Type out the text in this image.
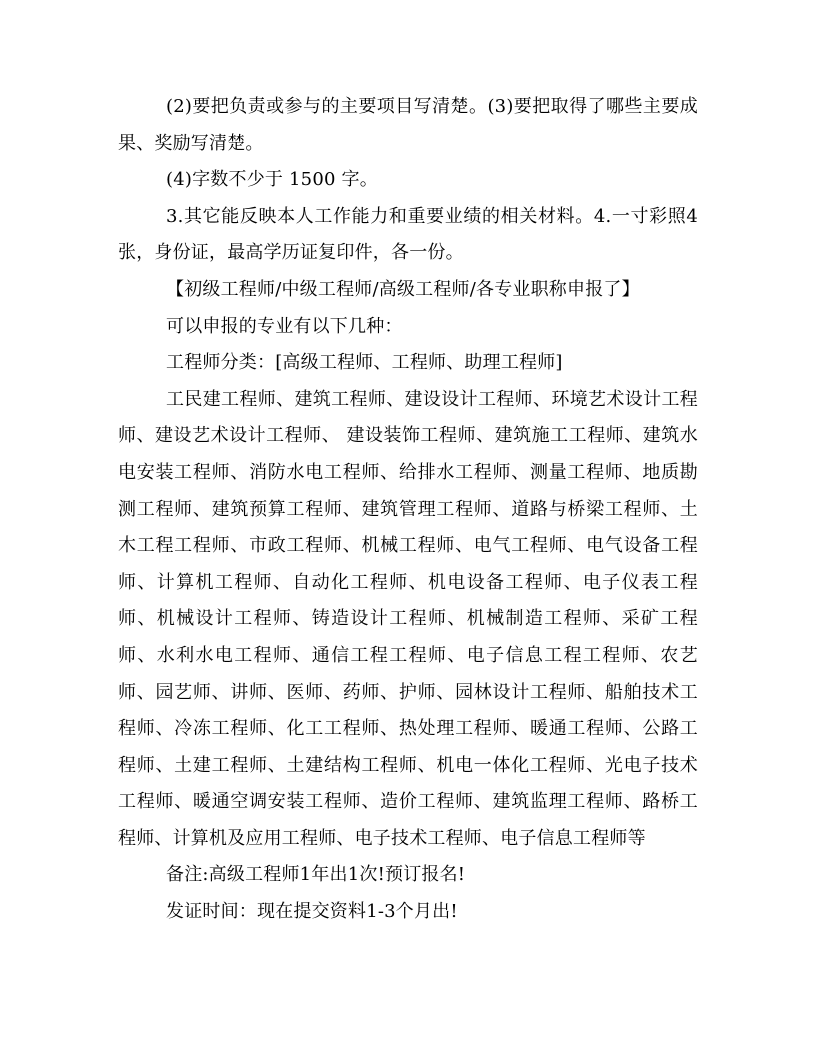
(2)要把负责或参与的主要项目写清楚。(3)要把取得了哪些主要成果、奖励写清楚。

(4)字数不少于 1500 字。

3.其它能反映本人工作能力和重要业绩的相关材料。4.一寸彩照4张，身份证，最高学历证复印件，各一份。

【初级工程师/中级工程师/高级工程师/各专业职称申报了】

可以申报的专业有以下几种：

工程师分类：[高级工程师、工程师、助理工程师]

工民建工程师、建筑工程师、建设设计工程师、环境艺术设计工程师、建设艺术设计工程师、 建设装饰工程师、建筑施工工程师、建筑水电安装工程师、消防水电工程师、给排水工程师、测量工程师、地质勘测工程师、建筑预算工程师、建筑管理工程师、道路与桥梁工程师、土木工程工程师、市政工程师、机械工程师、电气工程师、电气设备工程师、计算机工程师、自动化工程师、机电设备工程师、电子仪表工程师、机械设计工程师、铸造设计工程师、机械制造工程师、采矿工程师、水利水电工程师、通信工程工程师、电子信息工程工程师、农艺师、园艺师、讲师、医师、药师、护师、园林设计工程师、船舶技术工程师、冷冻工程师、化工工程师、热处理工程师、暖通工程师、公路工程师、土建工程师、土建结构工程师、机电一体化工程师、光电子技术工程师、暖通空调安装工程师、造价工程师、建筑监理工程师、路桥工程师、计算机及应用工程师、电子技术工程师、电子信息工程师等

备注:高级工程师1年出1次!预订报名!

发证时间：现在提交资料1-3个月出!
